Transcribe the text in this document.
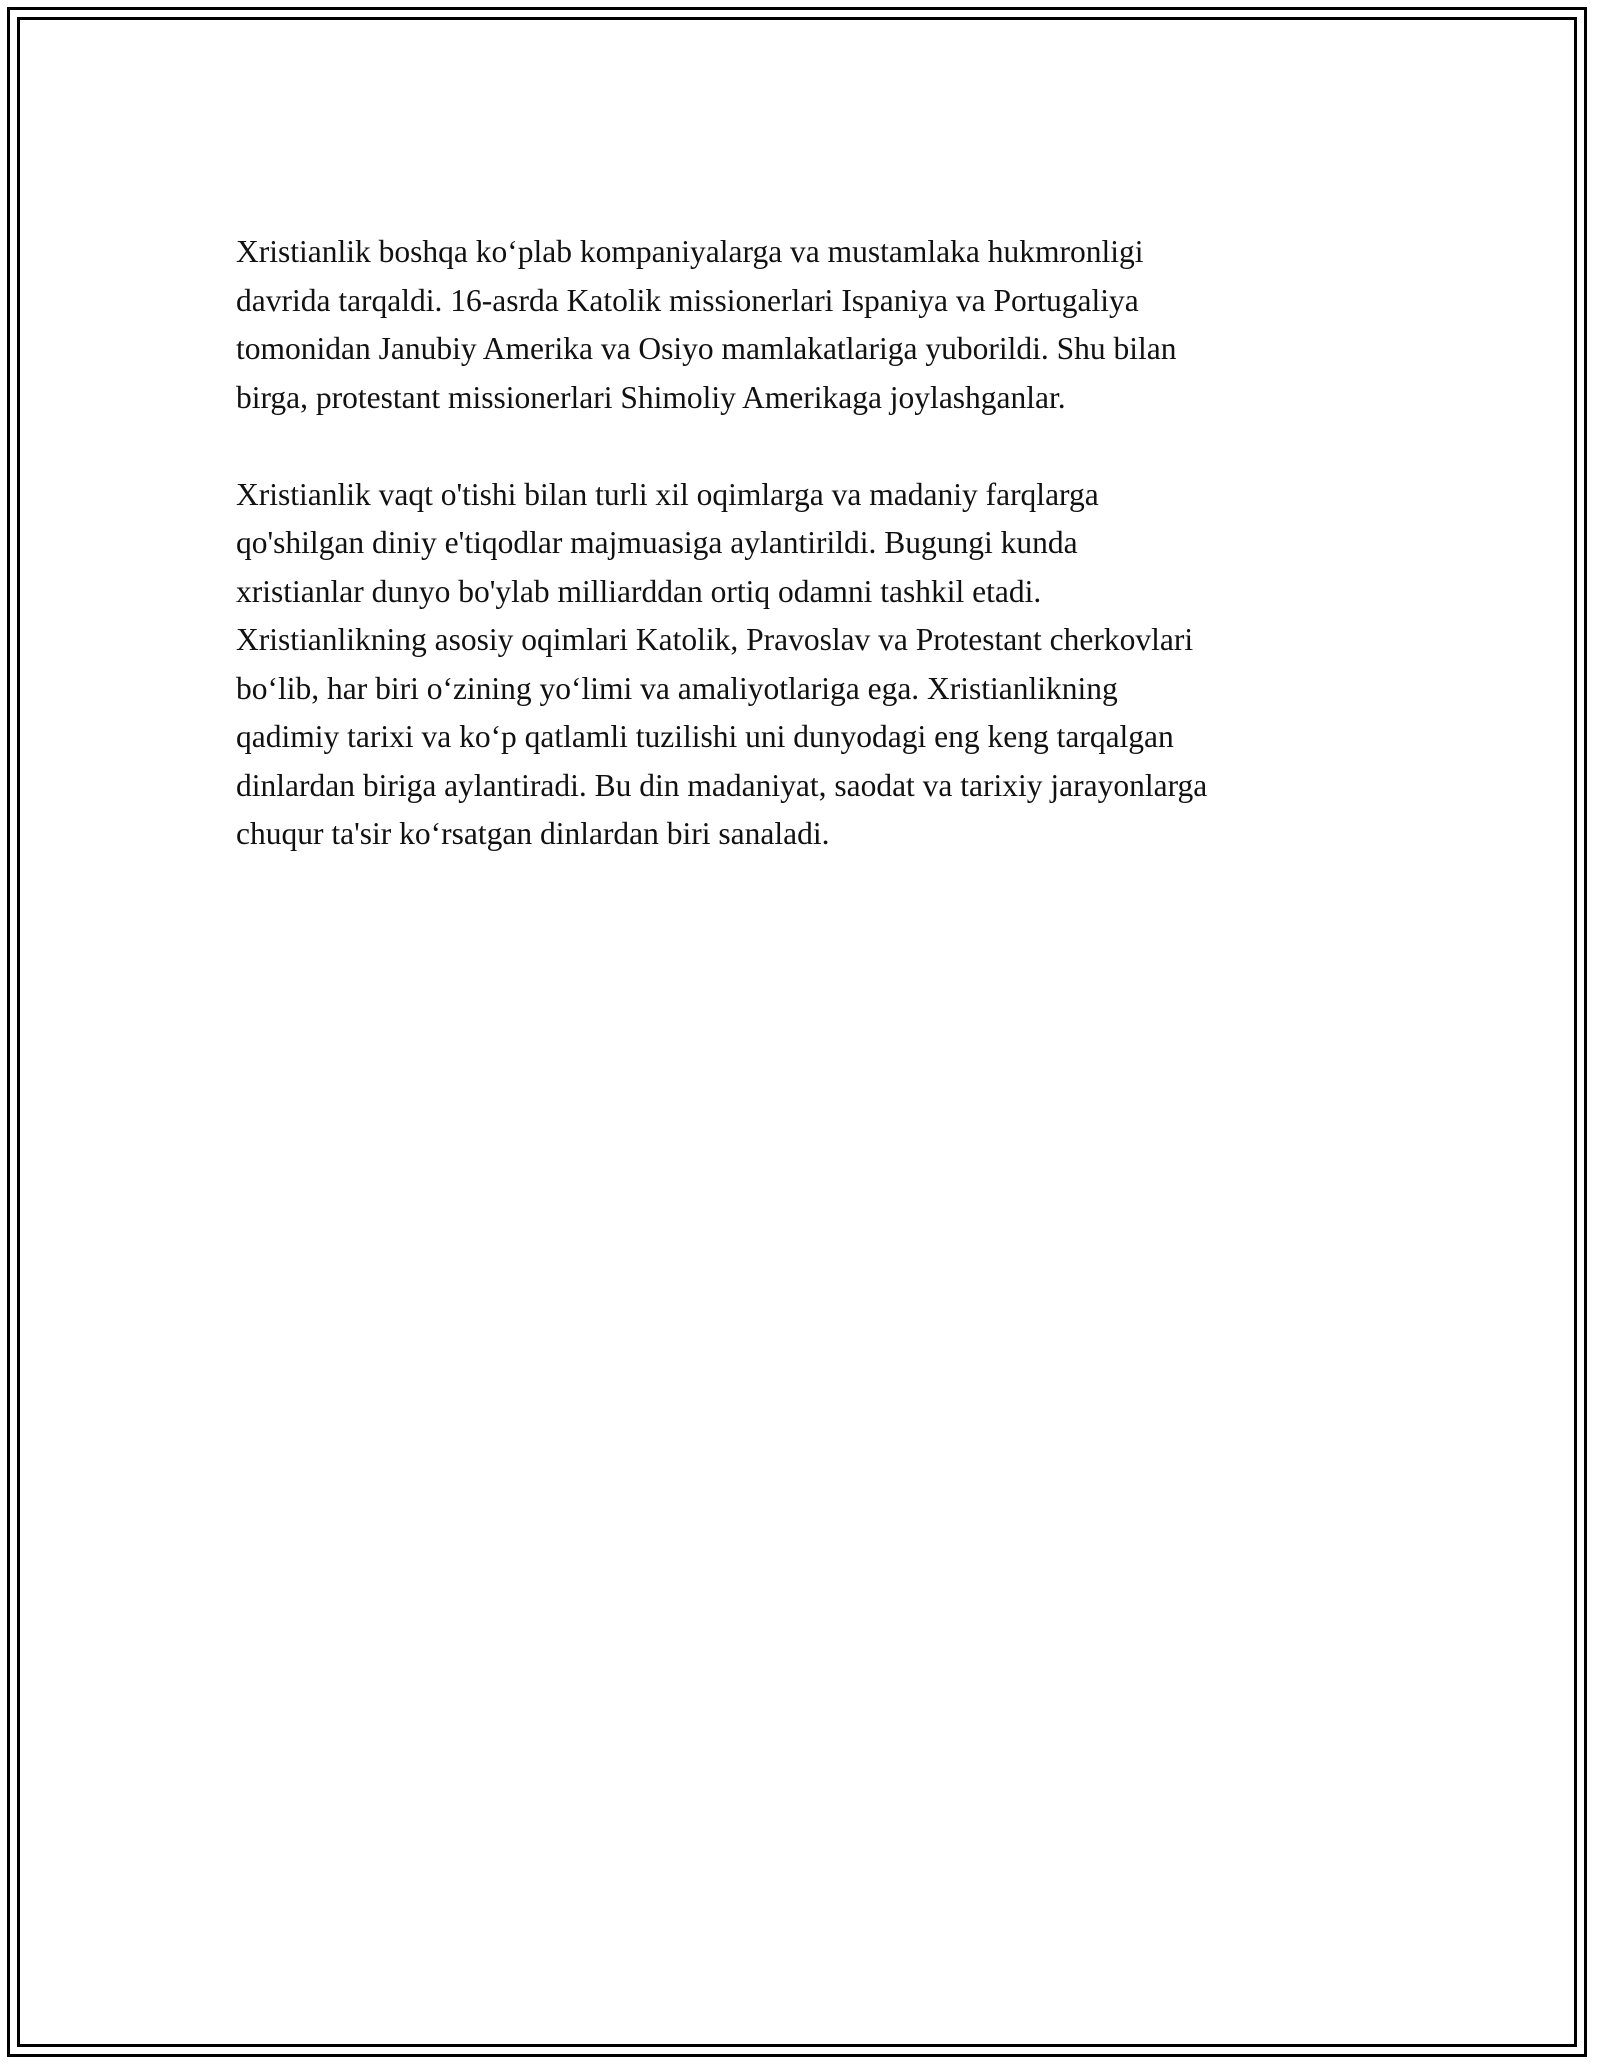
Xristianlik boshqa ko‘plab kompaniyalarga va mustamlaka hukmronligi
davrida tarqaldi. 16-asrda Katolik missionerlari Ispaniya va Portugaliya
tomonidan Janubiy Amerika va Osiyo mamlakatlariga yuborildi. Shu bilan
birga, protestant missionerlari Shimoliy Amerikaga joylashganlar.

Xristianlik vaqt o'tishi bilan turli xil oqimlarga va madaniy farqlarga
qo'shilgan diniy e'tiqodlar majmuasiga aylantirildi. Bugungi kunda
xristianlar dunyo bo'ylab milliarddan ortiq odamni tashkil etadi.
Xristianlikning asosiy oqimlari Katolik, Pravoslav va Protestant cherkovlari
bo‘lib, har biri o‘zining yo‘limi va amaliyotlariga ega. Xristianlikning
qadimiy tarixi va ko‘p qatlamli tuzilishi uni dunyodagi eng keng tarqalgan
dinlardan biriga aylantiradi. Bu din madaniyat, saodat va tarixiy jarayonlarga
chuqur ta'sir ko‘rsatgan dinlardan biri sanaladi.
